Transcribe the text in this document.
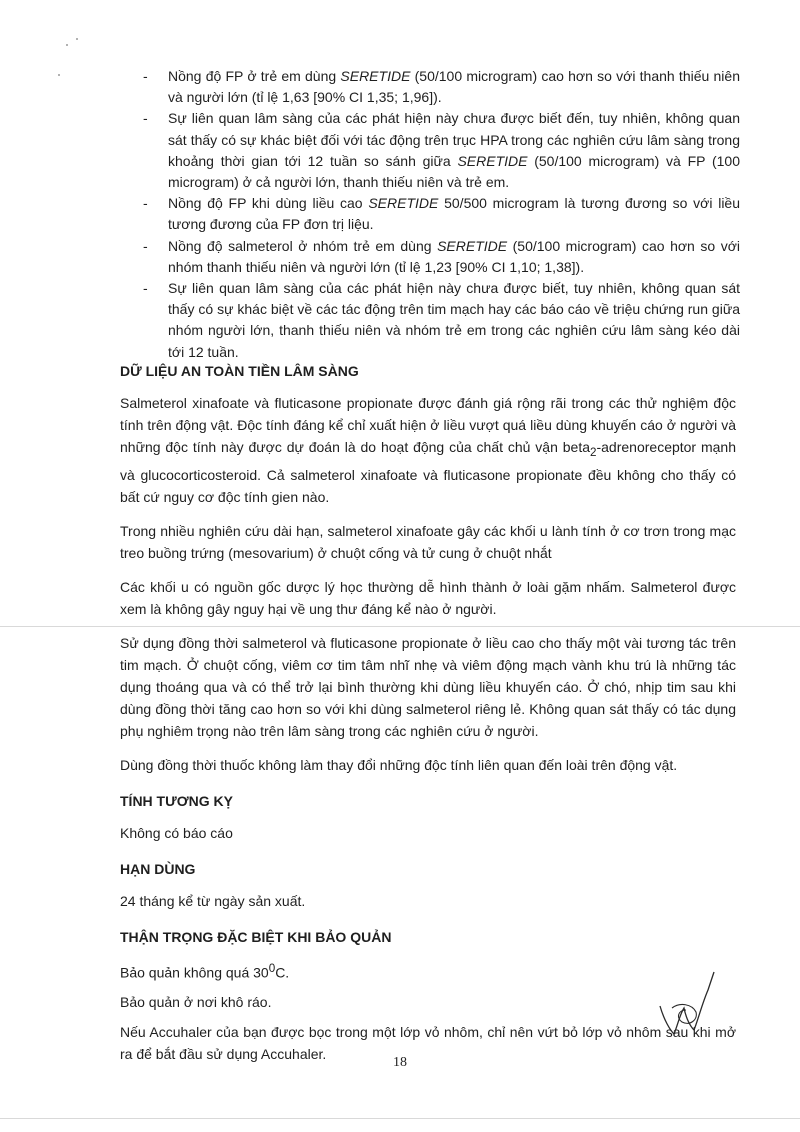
- Nồng độ FP ở trẻ em dùng SERETIDE (50/100 microgram) cao hơn so với thanh thiếu niên và người lớn (tỉ lệ 1,63 [90% CI 1,35; 1,96]).
- Sự liên quan lâm sàng của các phát hiện này chưa được biết đến, tuy nhiên, không quan sát thấy có sự khác biệt đối với tác động trên trục HPA trong các nghiên cứu lâm sàng trong khoảng thời gian tới 12 tuần so sánh giữa SERETIDE (50/100 microgram) và FP (100 microgram) ở cả người lớn, thanh thiếu niên và trẻ em.
- Nồng độ FP khi dùng liều cao SERETIDE 50/500 microgram là tương đương so với liều tương đương của FP đơn trị liệu.
- Nồng độ salmeterol ở nhóm trẻ em dùng SERETIDE (50/100 microgram) cao hơn so với nhóm thanh thiếu niên và người lớn (tỉ lệ 1,23 [90% CI 1,10; 1,38]).
- Sự liên quan lâm sàng của các phát hiện này chưa được biết, tuy nhiên, không quan sát thấy có sự khác biệt về các tác động trên tim mạch hay các báo cáo về triệu chứng run giữa nhóm người lớn, thanh thiếu niên và nhóm trẻ em trong các nghiên cứu lâm sàng kéo dài tới 12 tuần.
DỮ LIỆU AN TOÀN TIỀN LÂM SÀNG

Salmeterol xinafoate và fluticasone propionate được đánh giá rộng rãi trong các thử nghiệm độc tính trên động vật. Độc tính đáng kể chỉ xuất hiện ở liều vượt quá liều dùng khuyến cáo ở người và những độc tính này được dự đoán là do hoạt động của chất chủ vận beta$_2$-adrenoreceptor mạnh và glucocorticosteroid. Cả salmeterol xinafoate và fluticasone propionate đều không cho thấy có bất cứ nguy cơ độc tính gien nào.

Trong nhiều nghiên cứu dài hạn, salmeterol xinafoate gây các khối u lành tính ở cơ trơn trong mạc treo buồng trứng (mesovarium) ở chuột cống và tử cung ở chuột nhắt

Các khối u có nguồn gốc dược lý học thường dễ hình thành ở loài gặm nhấm. Salmeterol được xem là không gây nguy hại về ung thư đáng kể nào ở người.

Sử dụng đồng thời salmeterol và fluticasone propionate ở liều cao cho thấy một vài tương tác trên tim mạch. Ở chuột cống, viêm cơ tim tâm nhĩ nhẹ và viêm động mạch vành khu trú là những tác dụng thoáng qua và có thể trở lại bình thường khi dùng liều khuyến cáo. Ở chó, nhịp tim sau khi dùng đồng thời tăng cao hơn so với khi dùng salmeterol riêng lẻ. Không quan sát thấy có tác dụng phụ nghiêm trọng nào trên lâm sàng trong các nghiên cứu ở người.

Dùng đồng thời thuốc không làm thay đổi những độc tính liên quan đến loài trên động vật.

TÍNH TƯƠNG KỴ

Không có báo cáo

HẠN DÙNG

24 tháng kể từ ngày sản xuất.

THẬN TRỌNG ĐẶC BIỆT KHI BẢO QUẢN

Bảo quản không quá $30^0C$.

Bảo quản ở nơi khô ráo.

Nếu Accuhaler của bạn được bọc trong một lớp vỏ nhôm, chỉ nên vứt bỏ lớp vỏ nhôm sau khi mở ra để bắt đầu sử dụng Accuhaler.

18
